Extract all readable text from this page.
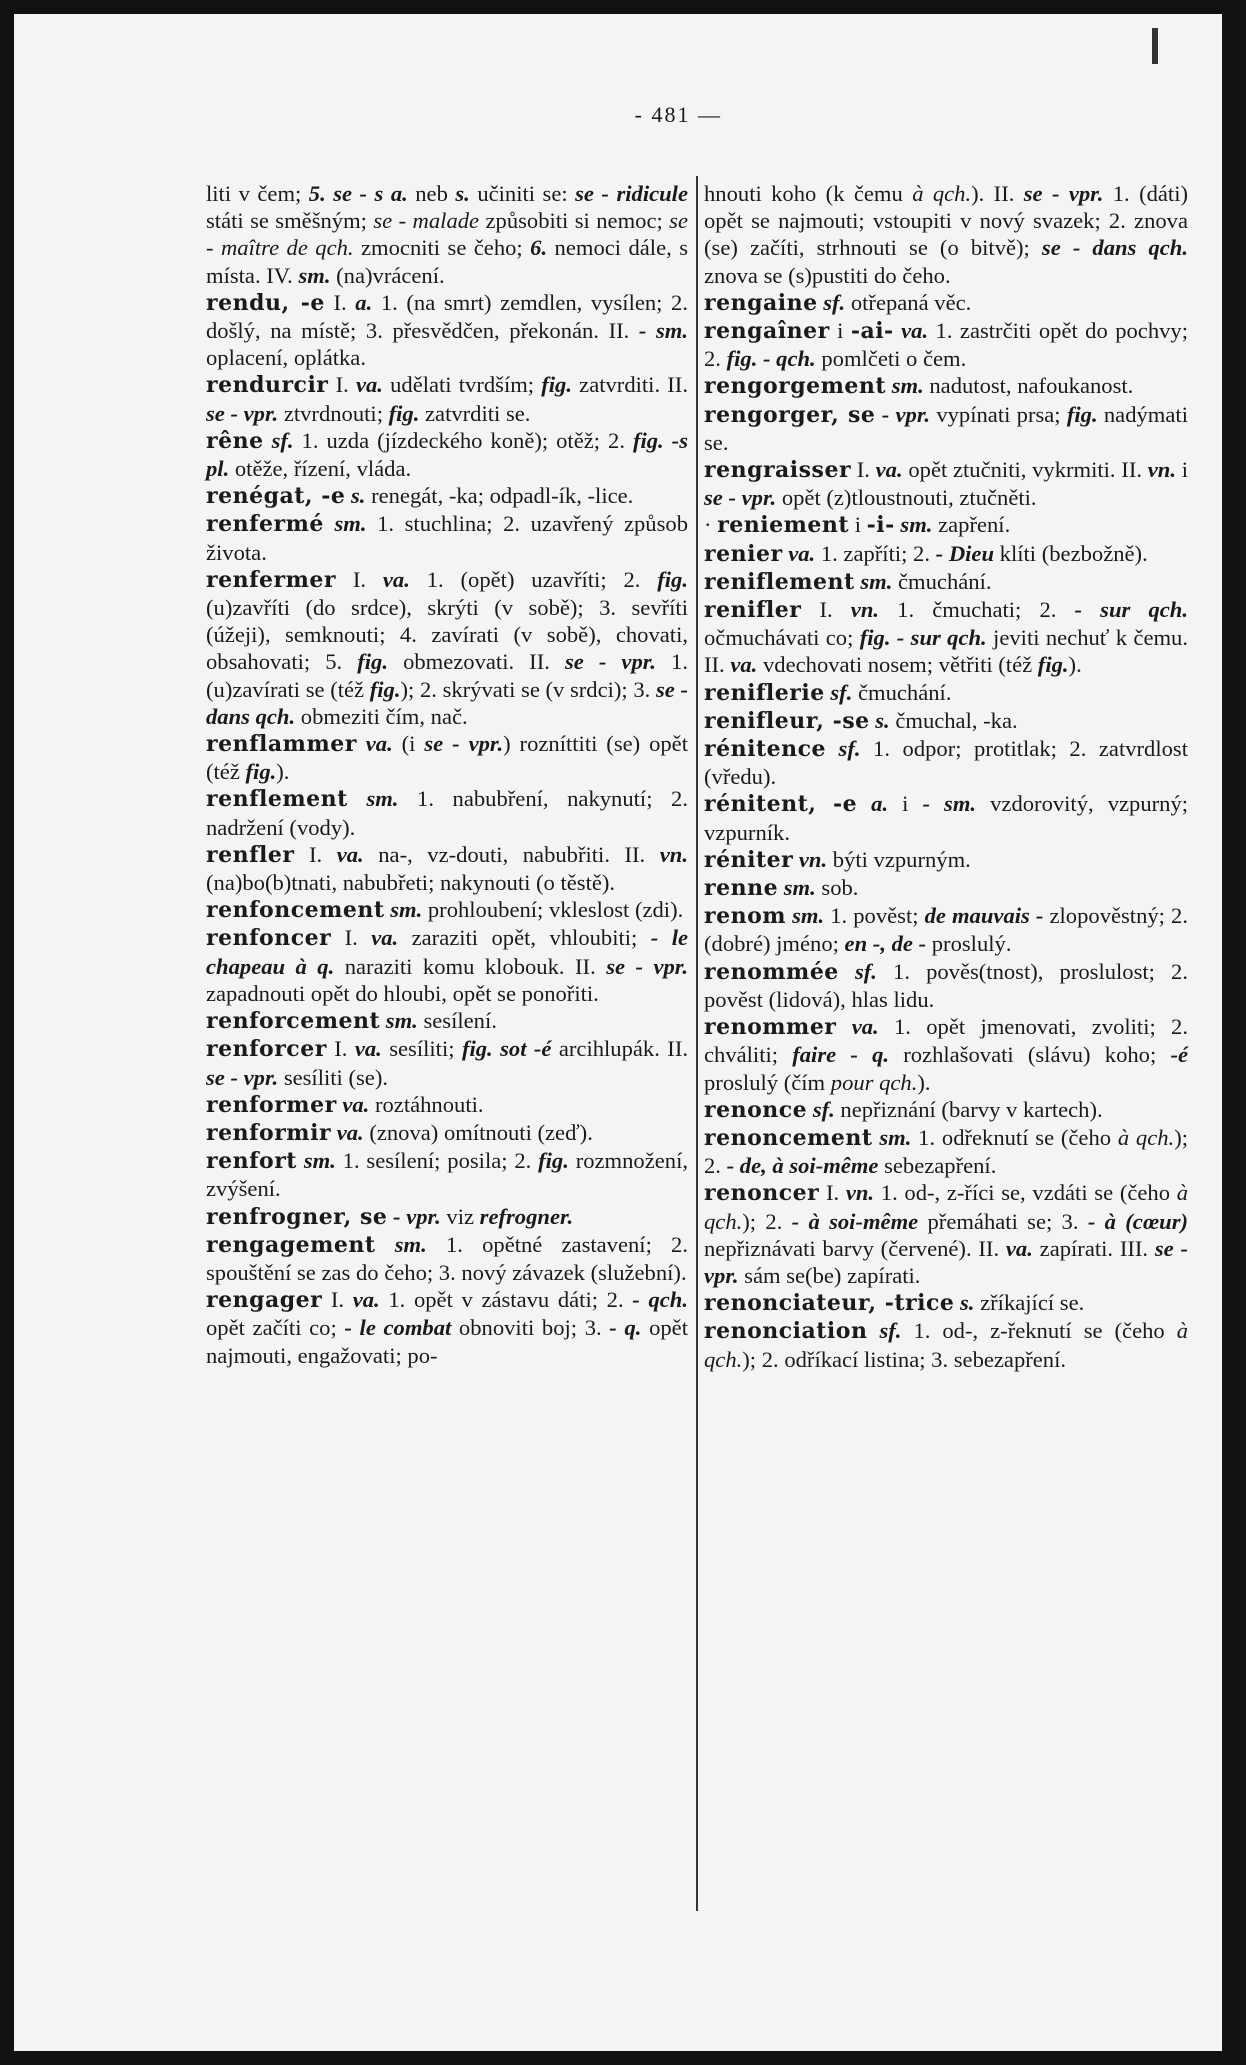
- 481 —

liti v čem; 5. se - s a. neb s. učiniti se: se - ridicule státi se směšným; se - malade způsobiti si nemoc; se - maître de qch. zmocniti se čeho; 6. nemoci dále, s místa. IV. sm. (na)vrácení.

rendu, -e I. a. 1. (na smrt) zemdlen, vysílen; 2. došlý, na místě; 3. přesvědčen, překonán. II. - sm. oplacení, oplátka.

rendurcir I. va. udělati tvrdším; fig. zatvrditi. II. se - vpr. ztvrdnouti; fig. zatvrditi se.

rêne sf. 1. uzda (jízdeckého koně); otěž; 2. fig. -s pl. otěže, řízení, vláda.

renégat, -e s. renegát, -ka; odpadl-ík, -lice.

renfermé sm. 1. stuchlina; 2. uzavřený způsob života.

renfermer I. va. 1. (opět) uzavříti; 2. fig. (u)zavříti (do srdce), skrýti (v sobě); 3. sevříti (úžeji), semknouti; 4. zavírati (v sobě), chovati, obsahovati; 5. fig. obmezovati. II. se - vpr. 1. (u)zavírati se (též fig.); 2. skrývati se (v srdci); 3. se - dans qch. obmeziti čím, nač.

renflammer va. (i se - vpr.) rozníttiti (se) opět (též fig.).

renflement sm. 1. nabubření, nakynutí; 2. nadržení (vody).

renfler I. va. na-, vz-douti, nabubřiti. II. vn. (na)bo(b)tnati, nabubřeti; nakynouti (o těstě).

renfoncement sm. prohloubení; vkleslost (zdi).

renfoncer I. va. zaraziti opět, vhloubiti; - le chapeau à q. naraziti komu klobouk. II. se - vpr. zapadnouti opět do hloubi, opět se ponořiti.

renforcement sm. sesílení.

renforcer I. va. sesíliti; fig. sot -é arcihlupák. II. se - vpr. sesíliti (se).

renformer va. roztáhnouti.

renformir va. (znova) omítnouti (zeď).

renfort sm. 1. sesílení; posila; 2. fig. rozmnožení, zvýšení.

renfrogner, se - vpr. viz refrogner.

rengagement sm. 1. opětné zastavení; 2. spouštění se zas do čeho; 3. nový závazek (služební).

rengager I. va. 1. opět v zástavu dáti; 2. - qch. opět začíti co; - le combat obnoviti boj; 3. - q. opět najmouti, engažovati; po-

hnouti koho (k čemu à qch.). II. se - vpr. 1. (dáti) opět se najmouti; vstoupiti v nový svazek; 2. znova (se) začíti, strhnouti se (o bitvě); se - dans qch. znova se (s)pustiti do čeho.

rengaine sf. otřepaná věc.

rengaîner i -ai- va. 1. zastrčiti opět do pochvy; 2. fig. - qch. pomlčeti o čem.

rengorgement sm. nadutost, nafoukanost.

rengorger, se - vpr. vypínati prsa; fig. nadýmati se.

rengraisser I. va. opět ztučniti, vykrmiti. II. vn. i se - vpr. opět (z)tloustnouti, ztučněti.

· reniement i -i- sm. zapření.

renier va. 1. zapříti; 2. - Dieu klíti (bezbožně).

reniflement sm. čmuchání.

renifler I. vn. 1. čmuchati; 2. - sur qch. očmuchávati co; fig. - sur qch. jeviti nechuť k čemu. II. va. vdechovati nosem; větřiti (též fig.).

reniflerie sf. čmuchání.

renifleur, -se s. čmuchal, -ka.

rénitence sf. 1. odpor; protitlak; 2. zatvrdlost (vředu).

rénitent, -e a. i - sm. vzdorovitý, vzpurný; vzpurník.

réniter vn. býti vzpurným.

renne sm. sob.

renom sm. 1. pověst; de mauvais - zlopověstný; 2. (dobré) jméno; en -, de - proslulý.

renommée sf. 1. pověs(tnost), proslulost; 2. pověst (lidová), hlas lidu.

renommer va. 1. opět jmenovati, zvoliti; 2. chváliti; faire - q. rozhlašovati (slávu) koho; -é proslulý (čím pour qch.).

renonce sf. nepřiznání (barvy v kartech).

renoncement sm. 1. odřeknutí se (čeho à qch.); 2. - de, à soi-même sebezapření.

renoncer I. vn. 1. od-, z-říci se, vzdáti se (čeho à qch.); 2. - à soi-même přemáhati se; 3. - à (cœur) nepřiznávati barvy (červené). II. va. zapírati. III. se - vpr. sám se(be) zapírati.

renonciateur, -trice s. zříkající se.

renonciation sf. 1. od-, z-řeknutí se (čeho à qch.); 2. odříkací listina; 3. sebezapření.
